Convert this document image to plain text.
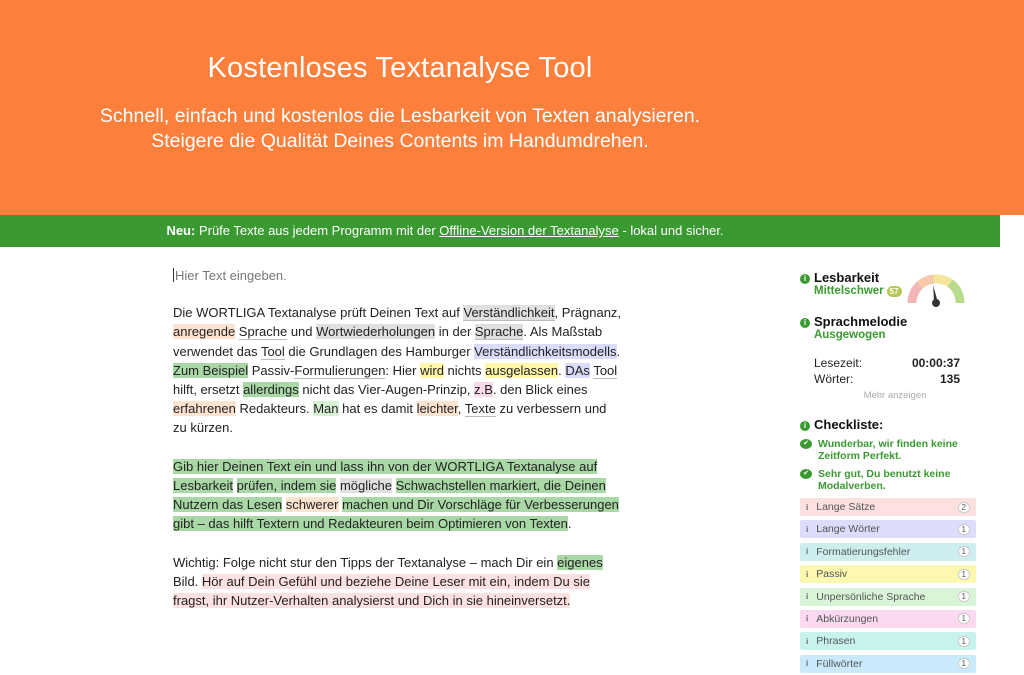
Kostenloses Textanalyse Tool
Schnell, einfach und kostenlos die Lesbarkeit von Texten analysieren.
Steigere die Qualität Deines Contents im Handumdrehen.
Neu: Prüfe Texte aus jedem Programm mit der Offline-Version der Textanalyse - lokal und sicher.
Hier Text eingeben.

Die WORTLIGA Textanalyse prüft Deinen Text auf Verständlichkeit, Prägnanz, anregende Sprache und Wortwiederholungen in der Sprache. Als Maßstab verwendet das Tool die Grundlagen des Hamburger Verständlichkeitsmodells. Zum Beispiel Passiv-Formulierungen: Hier wird nichts ausgelassen. DAs Tool hilft, ersetzt allerdings nicht das Vier-Augen-Prinzip, z.B. den Blick eines erfahrenen Redakteurs. Man hat es damit leichter, Texte zu verbessern und zu kürzen.

Gib hier Deinen Text ein und lass ihn von der WORTLIGA Textanalyse auf Lesbarkeit prüfen, indem sie mögliche Schwachstellen markiert, die Deinen Nutzern das Lesen schwerer machen und Dir Vorschläge für Verbesserungen gibt – das hilft Textern und Redakteuren beim Optimieren von Texten.

Wichtig: Folge nicht stur den Tipps der Textanalyse – mach Dir ein eigenes Bild. Hör auf Dein Gefühl und beziehe Deine Leser mit ein, indem Du sie fragst, ihr Nutzer-Verhalten analysierst und Dich in sie hineinversetzt.

i Lesbarkeit
Mittelschwer 57
i Sprachmelodie
Ausgewogen
Lesezeit:	00:00:37
Wörter:	135
Mehr anzeigen
i Checkliste:
✔ Wunderbar, wir finden keine Zeitform Perfekt.
✔ Sehr gut, Du benutzt keine Modalverben.
i Lange Sätze	2
i Lange Wörter	1
i Formatierungsfehler	1
i Passiv	1
i Unpersönliche Sprache	1
i Abkürzungen	1
i Phrasen	1
i Füllwörter	1
